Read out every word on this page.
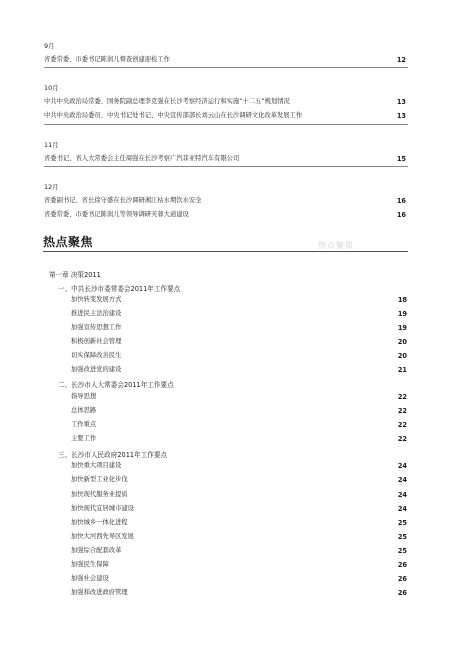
9月
省委常委、市委书记陈润儿督查创建迎检工作	12
10月
中共中央政治局常委、国务院副总理李克强在长沙考察经济运行和实施“十二五”规划情况	13
中共中央政治局委员、中央书记处书记、中央宣传部部长刘云山在长沙调研文化改革发展工作	13
11月
省委书记、省人大常委会主任周强在长沙考察广汽菲亚特汽车有限公司	15
12月
省委副书记、省长徐守盛在长沙调研湘江枯水期饮水安全	16
省委常委、市委书记陈润儿等领导调研芙蓉大道建设	16
热点聚焦	热点聚焦
第一章 决策2011
一、中共长沙市委常委会2011年工作要点
加快转变发展方式	18
推进民主法治建设	19
加强宣传思想工作	19
积极创新社会管理	20
切实保障改善民生	20
加强改进党的建设	21
二、长沙市人大常委会2011年工作要点
指导思想	22
总体思路	22
工作重点	22
主要工作	22
三、长沙市人民政府2011年工作要点
加快重大项目建设	24
加快新型工业化步伐	24
加快现代服务业提质	24
加快现代宜居城市建设	24
加快城乡一体化进程	25
加快大河西先导区发展	25
加强综合配套改革	25
加强民生保障	26
加强社会建设	26
加强和改进政府管理	26
